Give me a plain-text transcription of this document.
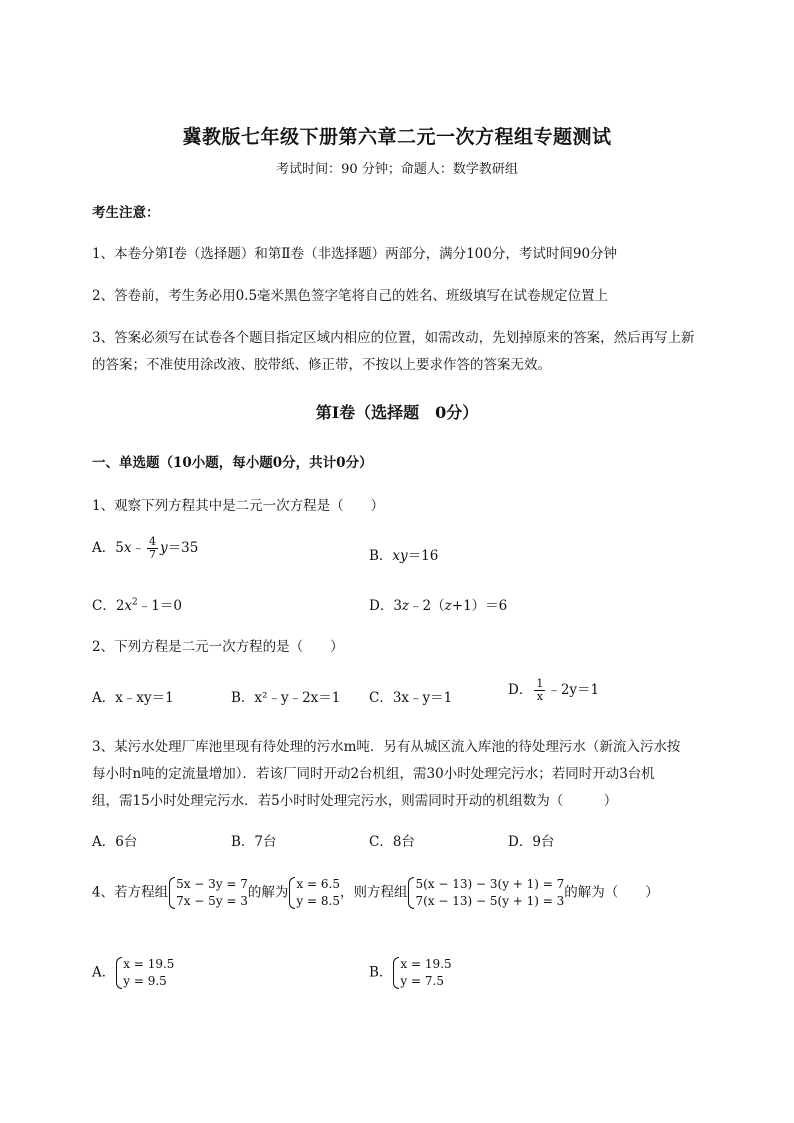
冀教版七年级下册第六章二元一次方程组专题测试
考试时间：90 分钟；命题人：数学教研组
考生注意：
1、本卷分第I卷（选择题）和第Ⅱ卷（非选择题）两部分，满分100分，考试时间90分钟
2、答卷前，考生务必用0.5毫米黑色签字笔将自己的姓名、班级填写在试卷规定位置上
3、答案必须写在试卷各个题目指定区域内相应的位置，如需改动，先划掉原来的答案，然后再写上新
的答案；不准使用涂改液、胶带纸、修正带，不按以上要求作答的答案无效。
第I卷（选择题　0分）
一、单选题（10小题，每小题0分，共计0分）
1、观察下列方程其中是二元一次方程是（　　）
A．5x﹣ $\frac{4}{7} y=35$	B．xy＝16
C．$2x^2﹣1=0$	D．3z﹣2（z+1）＝6
2、下列方程是二元一次方程的是（　　）
A．x﹣xy＝1	B．x²﹣y﹣2x＝1 C．3x﹣y＝1	D． $\frac{1}{x}$ ﹣2y＝1
3、某污水处理厂库池里现有待处理的污水m吨．另有从城区流入库池的待处理污水（新流入污水按
每小时n吨的定流量增加）．若该厂同时开动2台机组，需30小时处理完污水；若同时开动3台机
组，需15小时处理完污水．若5小时时处理完污水，则需同时开动的机组数为（　　　）
A．6台	B．7台	C．8台	D．9台
4、若方程组
5x − 3y = 7
7x − 5y = 3
的解为
x = 6.5
y = 8.5
，则方程组
5(x − 13) − 3(y + 1) = 7
7(x − 13) − 5(y + 1) = 3
的解为（　　）
A．
x = 19.5
y = 9.5
B．
x = 19.5
y = 7.5
